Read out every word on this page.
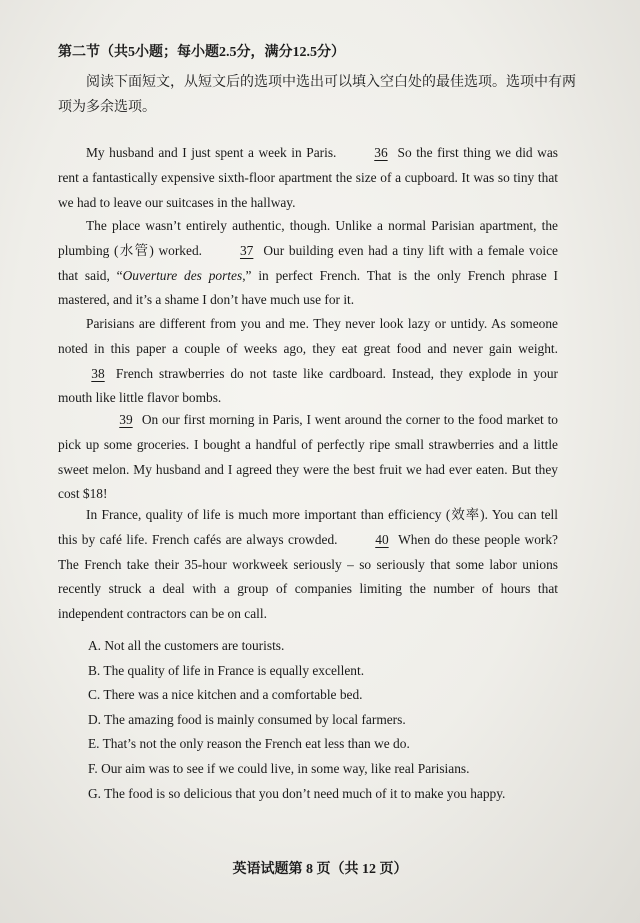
第二节（共5小题；每小题2.5分，满分12.5分）
阅读下面短文，从短文后的选项中选出可以填入空白处的最佳选项。选项中有两项为多余选项。

My husband and I just spent a week in Paris. 36 So the first thing we did was rent a fantastically expensive sixth-floor apartment the size of a cupboard. It was so tiny that we had to leave our suitcases in the hallway.

The place wasn’t entirely authentic, though. Unlike a normal Parisian apartment, the plumbing (水管) worked. 37 Our building even had a tiny lift with a female voice that said, “Ouverture des portes,” in perfect French. That is the only French phrase I mastered, and it’s a shame I don’t have much use for it.

Parisians are different from you and me. They never look lazy or untidy. As someone noted in this paper a couple of weeks ago, they eat great food and never gain weight. 38 French strawberries do not taste like cardboard. Instead, they explode in your mouth like little flavor bombs.

39 On our first morning in Paris, I went around the corner to the food market to pick up some groceries. I bought a handful of perfectly ripe small strawberries and a little sweet melon. My husband and I agreed they were the best fruit we had ever eaten. But they cost $18!

In France, quality of life is much more important than efficiency (效率). You can tell this by café life. French cafés are always crowded. 40 When do these people work? The French take their 35-hour workweek seriously – so seriously that some labor unions recently struck a deal with a group of companies limiting the number of hours that independent contractors can be on call.

A. Not all the customers are tourists.
B. The quality of life in France is equally excellent.
C. There was a nice kitchen and a comfortable bed.
D. The amazing food is mainly consumed by local farmers.
E. That’s not the only reason the French eat less than we do.
F. Our aim was to see if we could live, in some way, like real Parisians.
G. The food is so delicious that you don’t need much of it to make you happy.
英语试题第 8 页（共 12 页）
